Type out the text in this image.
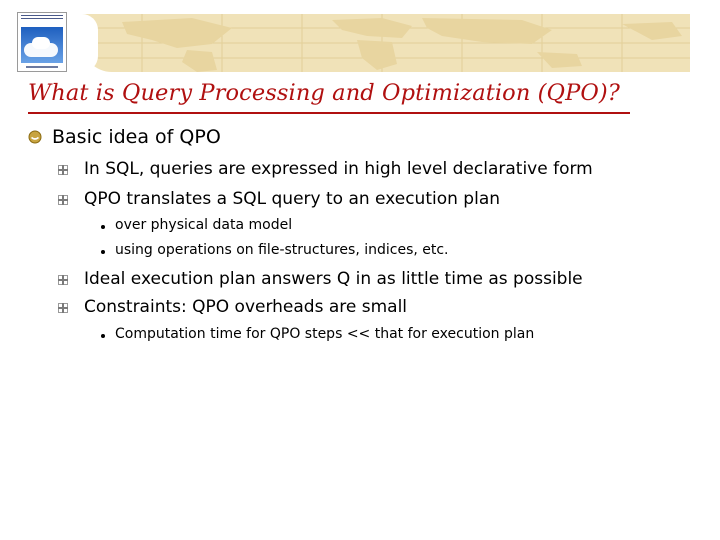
What is Query Processing and Optimization (QPO)?
Basic idea of QPO
In SQL, queries are expressed in high level declarative form
QPO translates a SQL query to an execution plan
over physical data model
using operations on file-structures, indices, etc.
Ideal execution plan answers Q in as little time as possible
Constraints: QPO overheads are small
Computation time for QPO steps << that for execution plan
